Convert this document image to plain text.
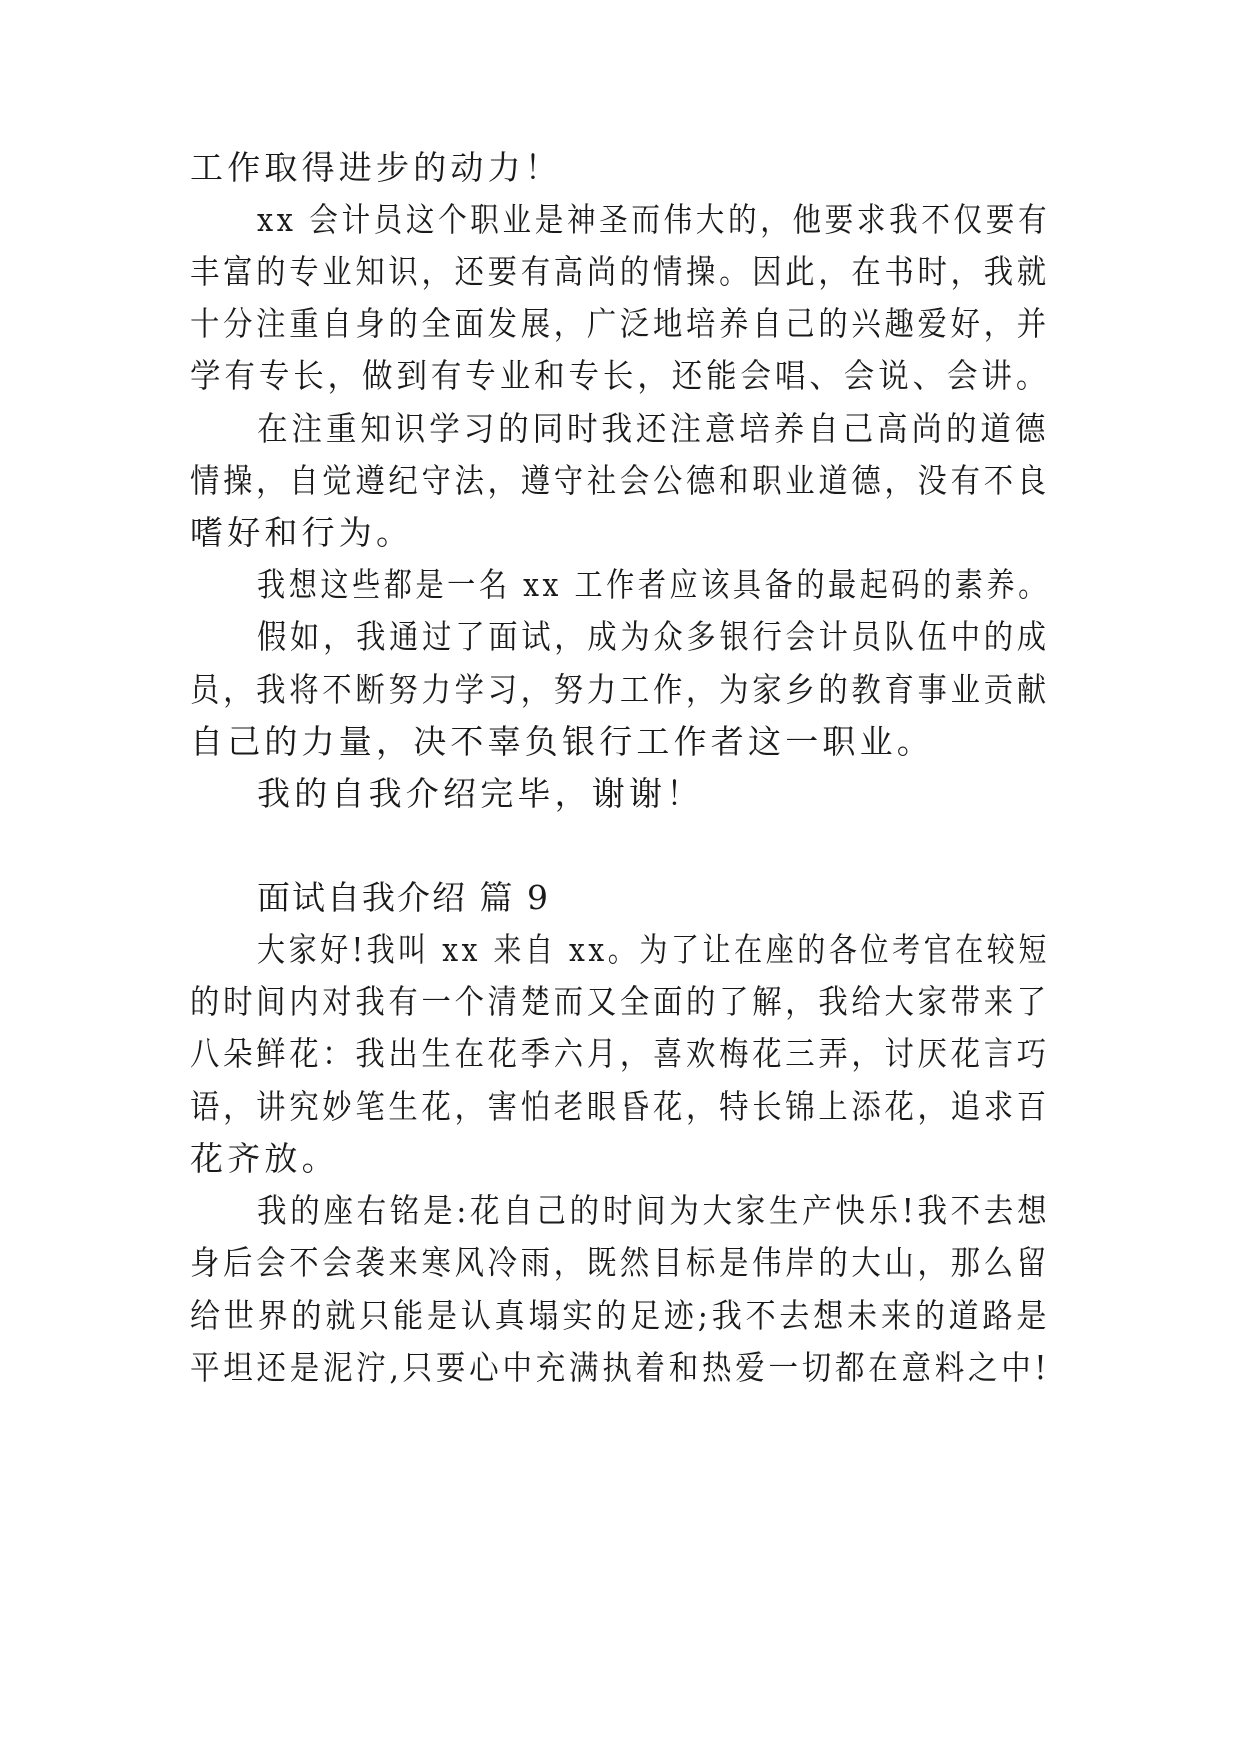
工作取得进步的动力！
xx 会计员这个职业是神圣而伟大的，他要求我不仅要有
丰富的专业知识，还要有高尚的情操。因此，在书时，我就
十分注重自身的全面发展，广泛地培养自己的兴趣爱好，并
学有专长，做到有专业和专长，还能会唱、会说、会讲。
在注重知识学习的同时我还注意培养自己高尚的道德
情操，自觉遵纪守法，遵守社会公德和职业道德，没有不良
嗜好和行为。
我想这些都是一名 xx 工作者应该具备的最起码的素养。
假如，我通过了面试，成为众多银行会计员队伍中的成
员，我将不断努力学习，努力工作，为家乡的教育事业贡献
自己的力量，决不辜负银行工作者这一职业。
我的自我介绍完毕，谢谢！
面试自我介绍 篇 9
大家好!我叫 xx 来自 xx。为了让在座的各位考官在较短
的时间内对我有一个清楚而又全面的了解，我给大家带来了
八朵鲜花：我出生在花季六月，喜欢梅花三弄，讨厌花言巧
语，讲究妙笔生花，害怕老眼昏花，特长锦上添花，追求百
花齐放。
我的座右铭是:花自己的时间为大家生产快乐!我不去想
身后会不会袭来寒风冷雨，既然目标是伟岸的大山，那么留
给世界的就只能是认真塌实的足迹;我不去想未来的道路是
平坦还是泥泞,只要心中充满执着和热爱一切都在意料之中!
